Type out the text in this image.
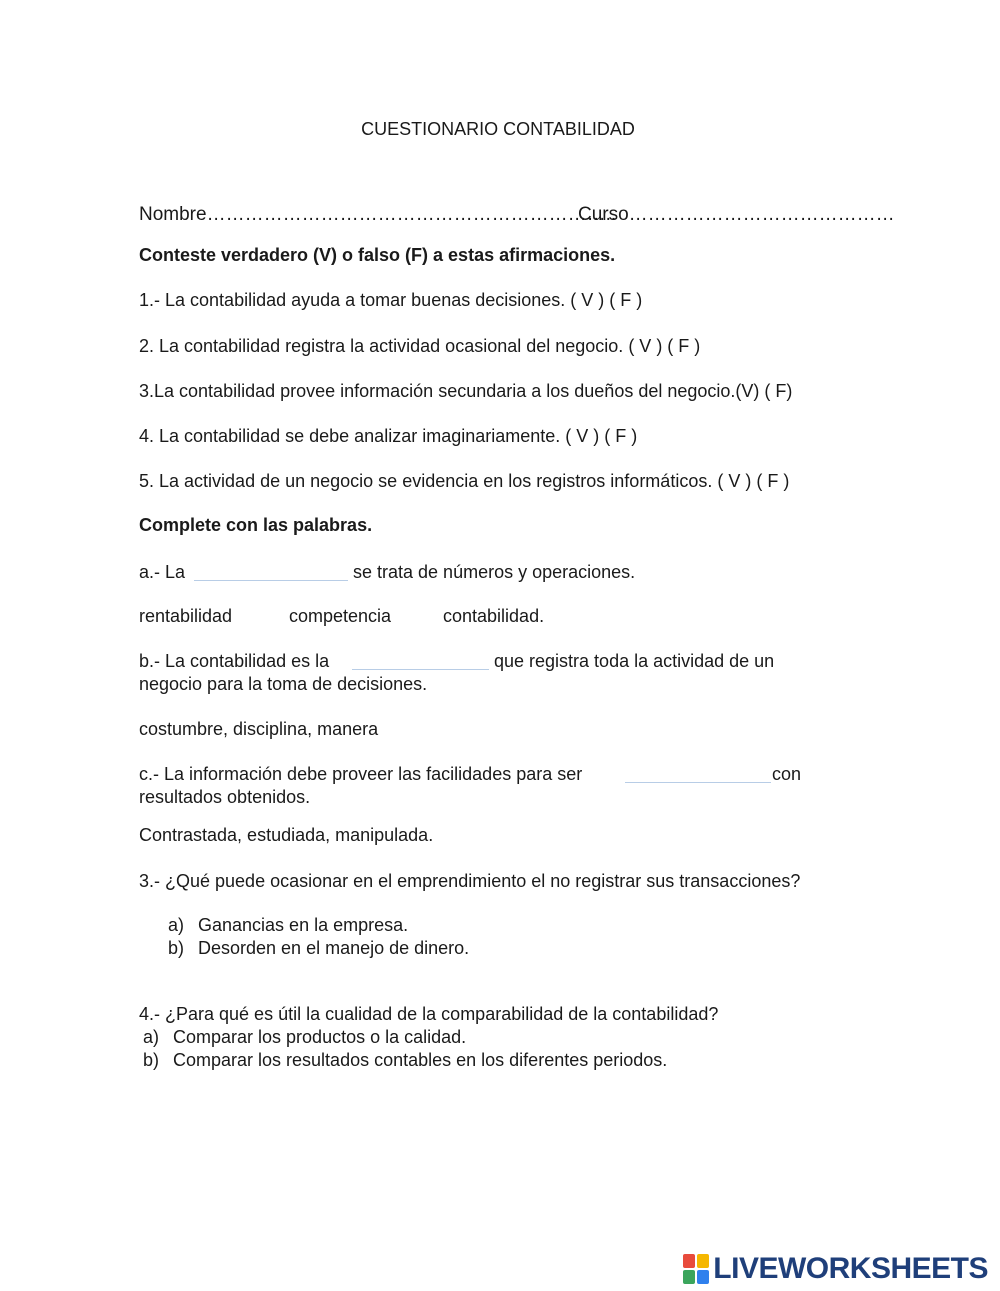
CUESTIONARIO CONTABILIDAD
Nombre………………………………………………………..
Curso……………………………………
Conteste verdadero (V) o falso (F) a estas afirmaciones.
1.- La contabilidad ayuda a tomar buenas decisiones. ( V ) ( F )
2. La contabilidad registra la actividad ocasional del negocio. ( V ) ( F )
3.La contabilidad provee información secundaria a los dueños del negocio.(V) ( F)
4. La contabilidad se debe analizar imaginariamente. ( V ) ( F )
5. La actividad de un negocio se evidencia en los registros informáticos. ( V ) ( F )
Complete con las palabras.
a.- La	se trata de números y operaciones.
rentabilidad	competencia	contabilidad.
b.- La contabilidad es la	que registra toda la actividad de un
negocio para la toma de decisiones.
costumbre, disciplina, manera
c.- La información debe proveer las facilidades para ser	con
resultados obtenidos.
Contrastada, estudiada, manipulada.
3.- ¿Qué puede ocasionar en el emprendimiento el no registrar sus transacciones?
a) Ganancias en la empresa.
b) Desorden en el manejo de dinero.
4.- ¿Para qué es útil la cualidad de la comparabilidad de la contabilidad?
a) Comparar los productos o la calidad.
b) Comparar los resultados contables en los diferentes periodos.
LIVEWORKSHEETS
